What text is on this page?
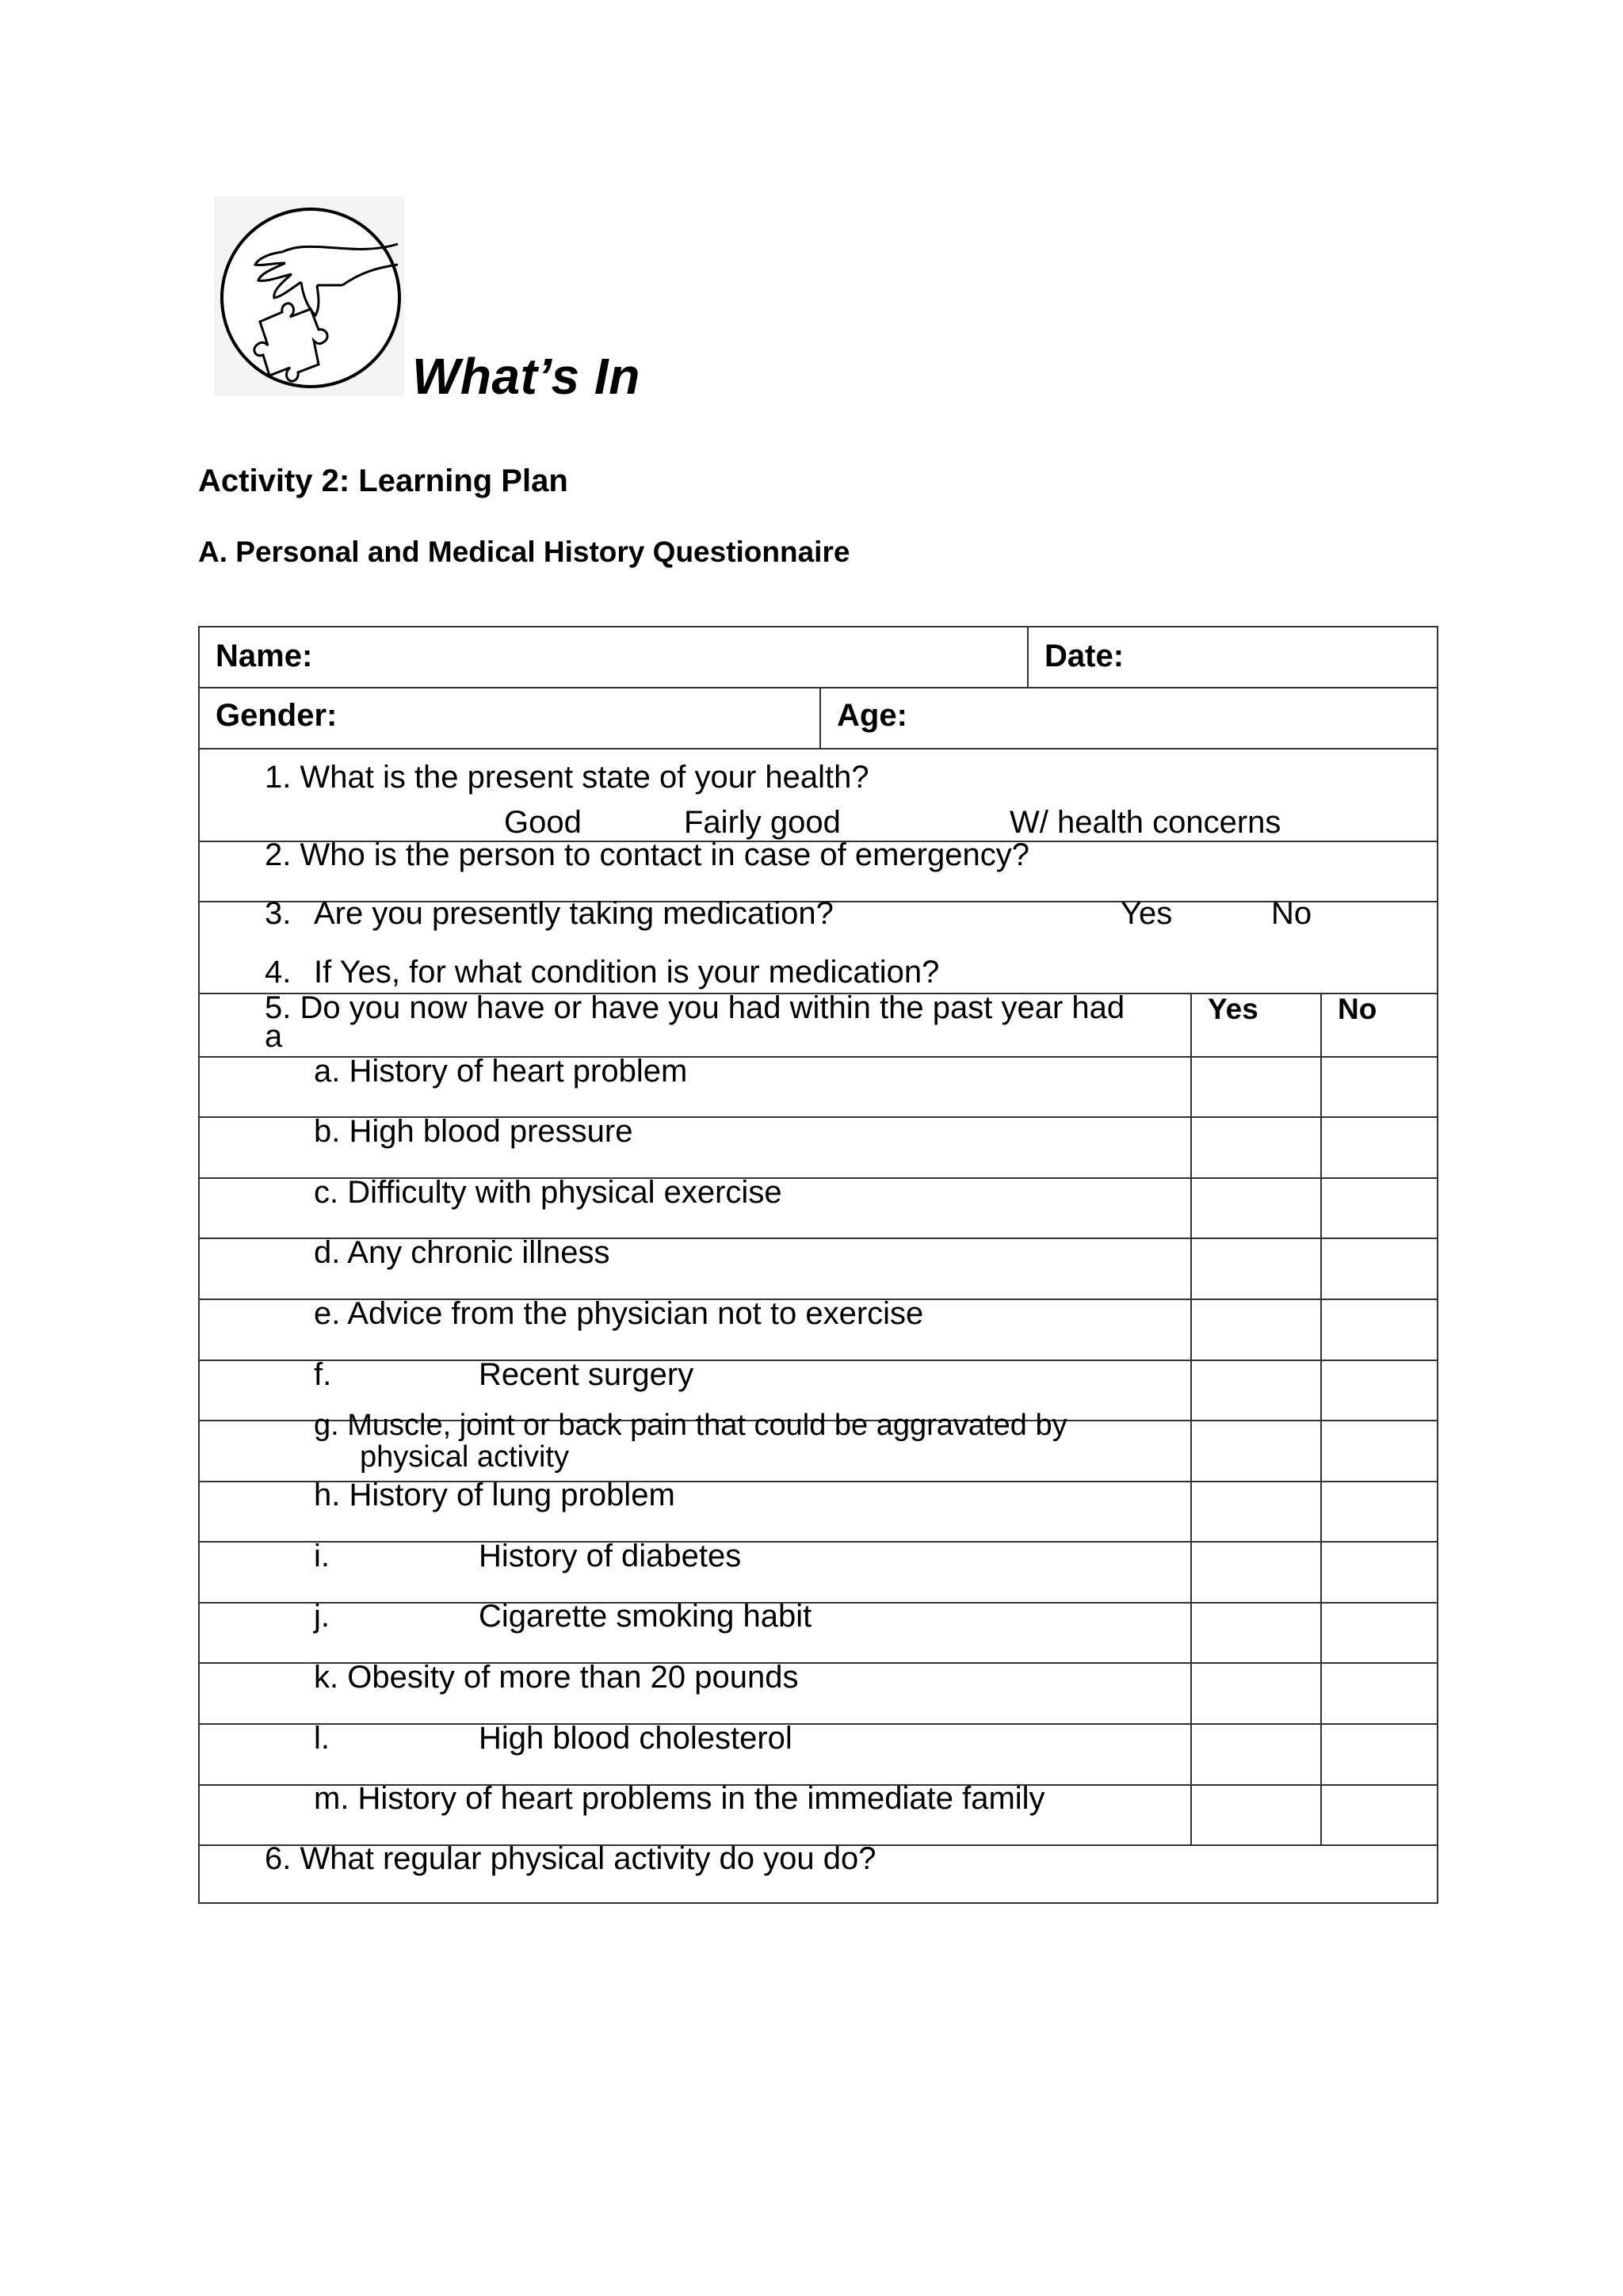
What’s In
Activity 2: Learning Plan
A. Personal and Medical History Questionnaire
Name:	Date:
Gender:	Age:
1. What is the present state of your health?
Good	Fairly good	W/ health concerns
2. Who is the person to contact in case of emergency?
3. Are you presently taking medication?	Yes	No
4. If Yes, for what condition is your medication?
5. Do you now have or have you had within the past year had
a
Yes	No
a. History of heart problem
b. High blood pressure
c. Difficulty with physical exercise
d. Any chronic illness
e. Advice from the physician not to exercise
f.	Recent surgery
g. Muscle, joint or back pain that could be aggravated by
physical activity
h. History of lung problem
i.	History of diabetes
j.	Cigarette smoking habit
k. Obesity of more than 20 pounds
l.	High blood cholesterol
m. History of heart problems in the immediate family
6. What regular physical activity do you do?
